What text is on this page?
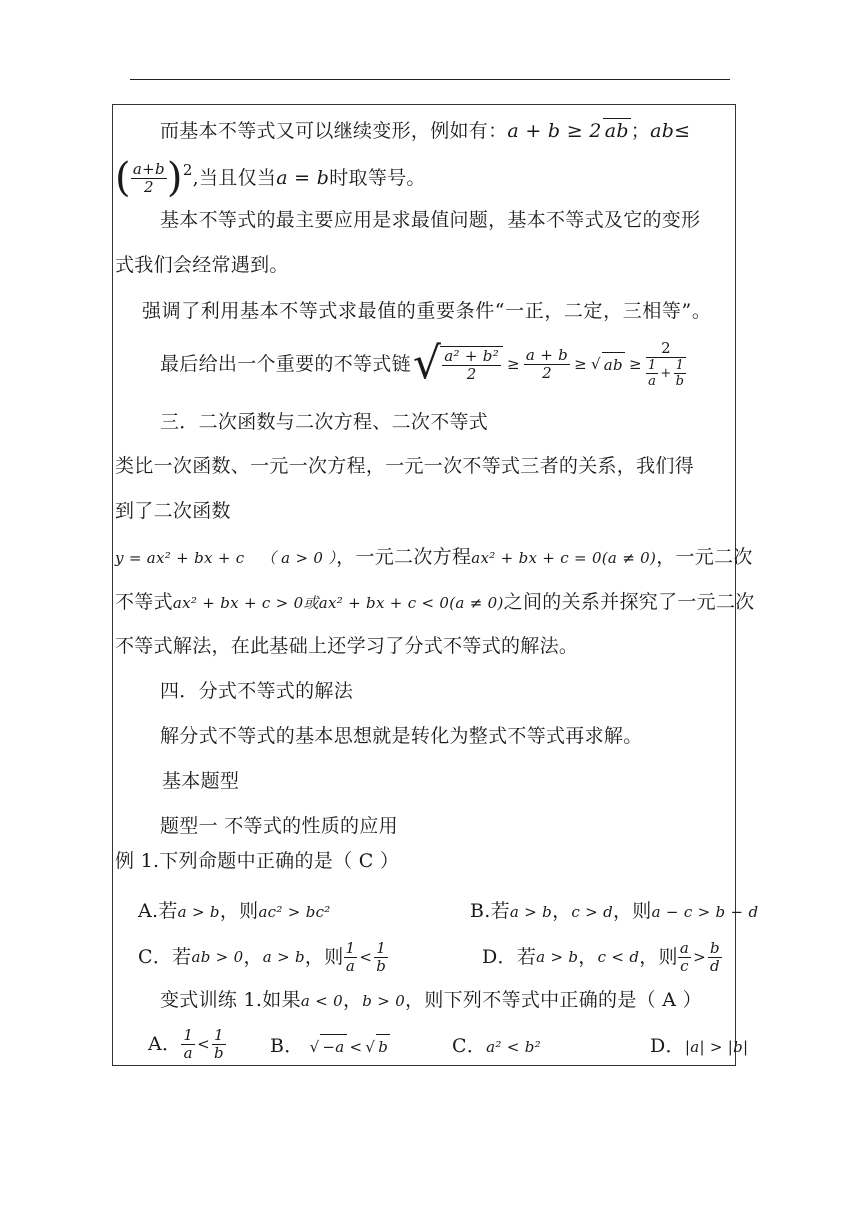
而基本不等式又可以继续变形，例如有：a + b ≥ 2 ab ；ab≤
( $\frac{a+b}{2} )^2$ ,当且仅当 a = b 时取等号。
基本不等式的最主要应用是求最值问题，基本不等式及它的变形
式我们会经常遇到。
强调了利用基本不等式求最值的重要条件“一正，二定，三相等”。
最后给出一个重要的不等式链 √ $\frac{\text{a² + b²}}{2} \ge \frac{a + b}{2}$ ≥ √ ab ≥ $\frac{2}{\frac{1}{a} + \frac{1}{b}}$
三．二次函数与二次方程、二次不等式
类比一次函数、一元一次方程，一元一次不等式三者的关系，我们得
到了二次函数
y = ax² + bx + c （ a > 0 ），一元二次方程ax² + bx + c = 0(a ≠ 0)，一元二次
不等式ax² + bx + c > 0或ax² + bx + c < 0(a ≠ 0)之间的关系并探究了一元二次
不等式解法，在此基础上还学习了分式不等式的解法。
四．分式不等式的解法
解分式不等式的基本思想就是转化为整式不等式再求解。
基本题型
题型一 不等式的性质的应用
例 1.下列命题中正确的是（ C ）
A.若a > b，则ac² > bc²	B.若a > b，c > d，则a − c > b − d
C．若 ab > 0 ， a > b ，则 $\frac{1}{a} < \frac{1}{b}$	D．若 a > b ， c < d ，则 $\frac{a}{c} > \frac{b}{d}$
变式训练 1.如果a < 0，b > 0，则下列不等式中正确的是（ A ）
A． $\frac{1}{a} < \frac{1}{b}$ B． √ −a < √ b	C．a² < b²	D．|a| > |b|
